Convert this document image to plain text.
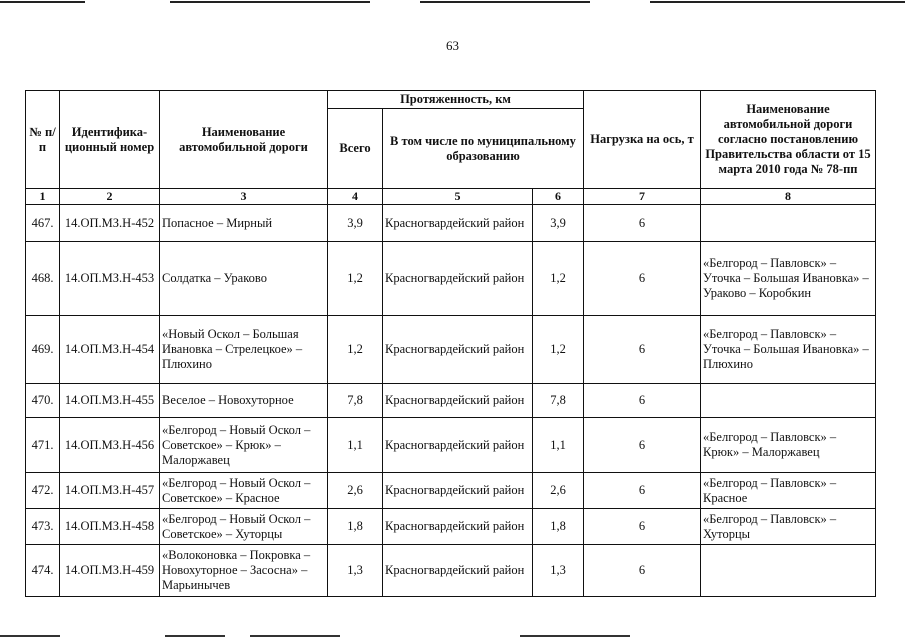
63
№ п/п	Идентифика-ционный номер	Наименование автомобильной дороги	Протяженность, км			Нагрузка на ось, т	Наименование автомобильной дороги согласно постановлению Правительства области от 15 марта 2010 года № 78-пп
			Всего	В том числе по муниципальному образованию			
1	2	3	4	5	6	7	8
467.	14.ОП.МЗ.Н-452	Попасное – Мирный	3,9	Красногвардейский район	3,9	6	
468.	14.ОП.МЗ.Н-453	Солдатка – Ураково	1,2	Красногвардейский район	1,2	6	«Белгород – Павловск» – Уточка – Большая Ивановка» – Ураково – Коробкин
469.	14.ОП.МЗ.Н-454	«Новый Оскол – Большая Ивановка – Стрелецкое» – Плюхино	1,2	Красногвардейский район	1,2	6	«Белгород – Павловск» – Уточка – Большая Ивановка» – Плюхино
470.	14.ОП.МЗ.Н-455	Веселое – Новохуторное	7,8	Красногвардейский район	7,8	6	
471.	14.ОП.МЗ.Н-456	«Белгород – Новый Оскол – Советское» – Крюк» – Малоржавец	1,1	Красногвардейский район	1,1	6	«Белгород – Павловск» – Крюк» – Малоржавец
472.	14.ОП.МЗ.Н-457	«Белгород – Новый Оскол – Советское» – Красное	2,6	Красногвардейский район	2,6	6	«Белгород – Павловск» – Красное
473.	14.ОП.МЗ.Н-458	«Белгород – Новый Оскол – Советское» – Хуторцы	1,8	Красногвардейский район	1,8	6	«Белгород – Павловск» – Хуторцы
474.	14.ОП.МЗ.Н-459	«Волоконовка – Покровка – Новохуторное – Засосна» – Марьинычев	1,3	Красногвардейский район	1,3	6	
